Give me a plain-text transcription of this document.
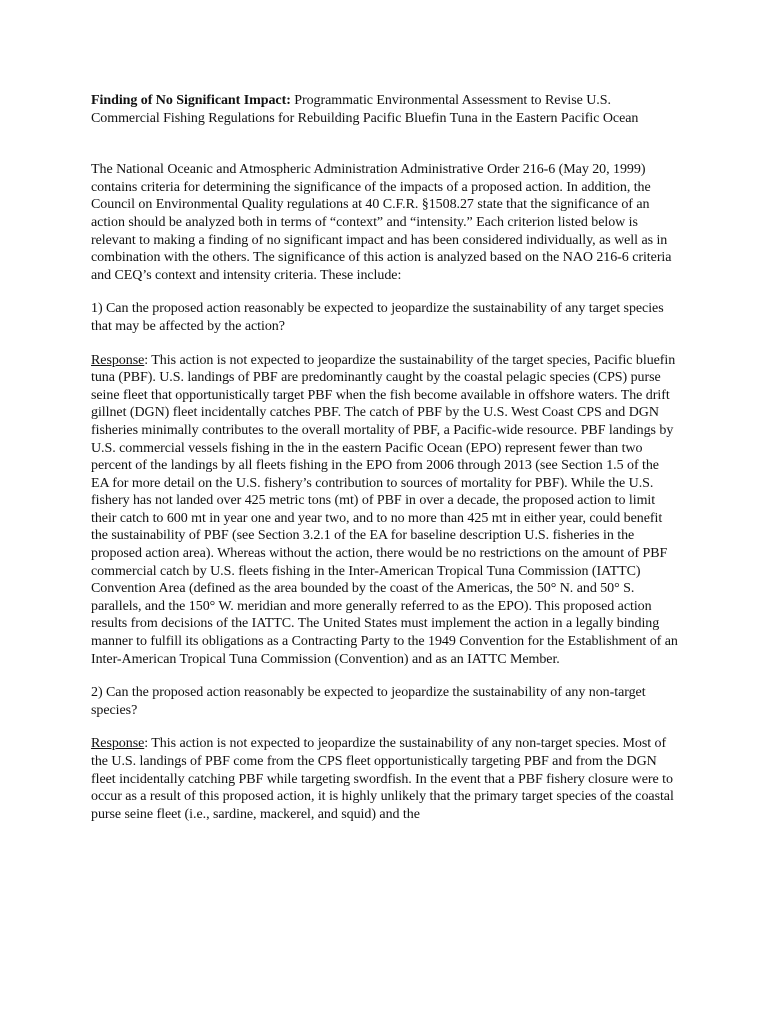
Finding of No Significant Impact: Programmatic Environmental Assessment to Revise U.S. Commercial Fishing Regulations for Rebuilding Pacific Bluefin Tuna in the Eastern Pacific Ocean

The National Oceanic and Atmospheric Administration Administrative Order 216-6 (May 20, 1999) contains criteria for determining the significance of the impacts of a proposed action. In addition, the Council on Environmental Quality regulations at 40 C.F.R. §1508.27 state that the significance of an action should be analyzed both in terms of “context” and “intensity.” Each criterion listed below is relevant to making a finding of no significant impact and has been considered individually, as well as in combination with the others. The significance of this action is analyzed based on the NAO 216-6 criteria and CEQ’s context and intensity criteria. These include:

1) Can the proposed action reasonably be expected to jeopardize the sustainability of any target species that may be affected by the action?

Response: This action is not expected to jeopardize the sustainability of the target species, Pacific bluefin tuna (PBF). U.S. landings of PBF are predominantly caught by the coastal pelagic species (CPS) purse seine fleet that opportunistically target PBF when the fish become available in offshore waters. The drift gillnet (DGN) fleet incidentally catches PBF. The catch of PBF by the U.S. West Coast CPS and DGN fisheries minimally contributes to the overall mortality of PBF, a Pacific-wide resource. PBF landings by U.S. commercial vessels fishing in the in the eastern Pacific Ocean (EPO) represent fewer than two percent of the landings by all fleets fishing in the EPO from 2006 through 2013 (see Section 1.5 of the EA for more detail on the U.S. fishery’s contribution to sources of mortality for PBF). While the U.S. fishery has not landed over 425 metric tons (mt) of PBF in over a decade, the proposed action to limit their catch to 600 mt in year one and year two, and to no more than 425 mt in either year, could benefit the sustainability of PBF (see Section 3.2.1 of the EA for baseline description U.S. fisheries in the proposed action area). Whereas without the action, there would be no restrictions on the amount of PBF commercial catch by U.S. fleets fishing in the Inter-American Tropical Tuna Commission (IATTC) Convention Area (defined as the area bounded by the coast of the Americas, the 50° N. and 50° S. parallels, and the 150° W. meridian and more generally referred to as the EPO). This proposed action results from decisions of the IATTC. The United States must implement the action in a legally binding manner to fulfill its obligations as a Contracting Party to the 1949 Convention for the Establishment of an Inter-American Tropical Tuna Commission (Convention) and as an IATTC Member.

2) Can the proposed action reasonably be expected to jeopardize the sustainability of any non-target species?

Response: This action is not expected to jeopardize the sustainability of any non-target species. Most of the U.S. landings of PBF come from the CPS fleet opportunistically targeting PBF and from the DGN fleet incidentally catching PBF while targeting swordfish. In the event that a PBF fishery closure were to occur as a result of this proposed action, it is highly unlikely that the primary target species of the coastal purse seine fleet (i.e., sardine, mackerel, and squid) and the
